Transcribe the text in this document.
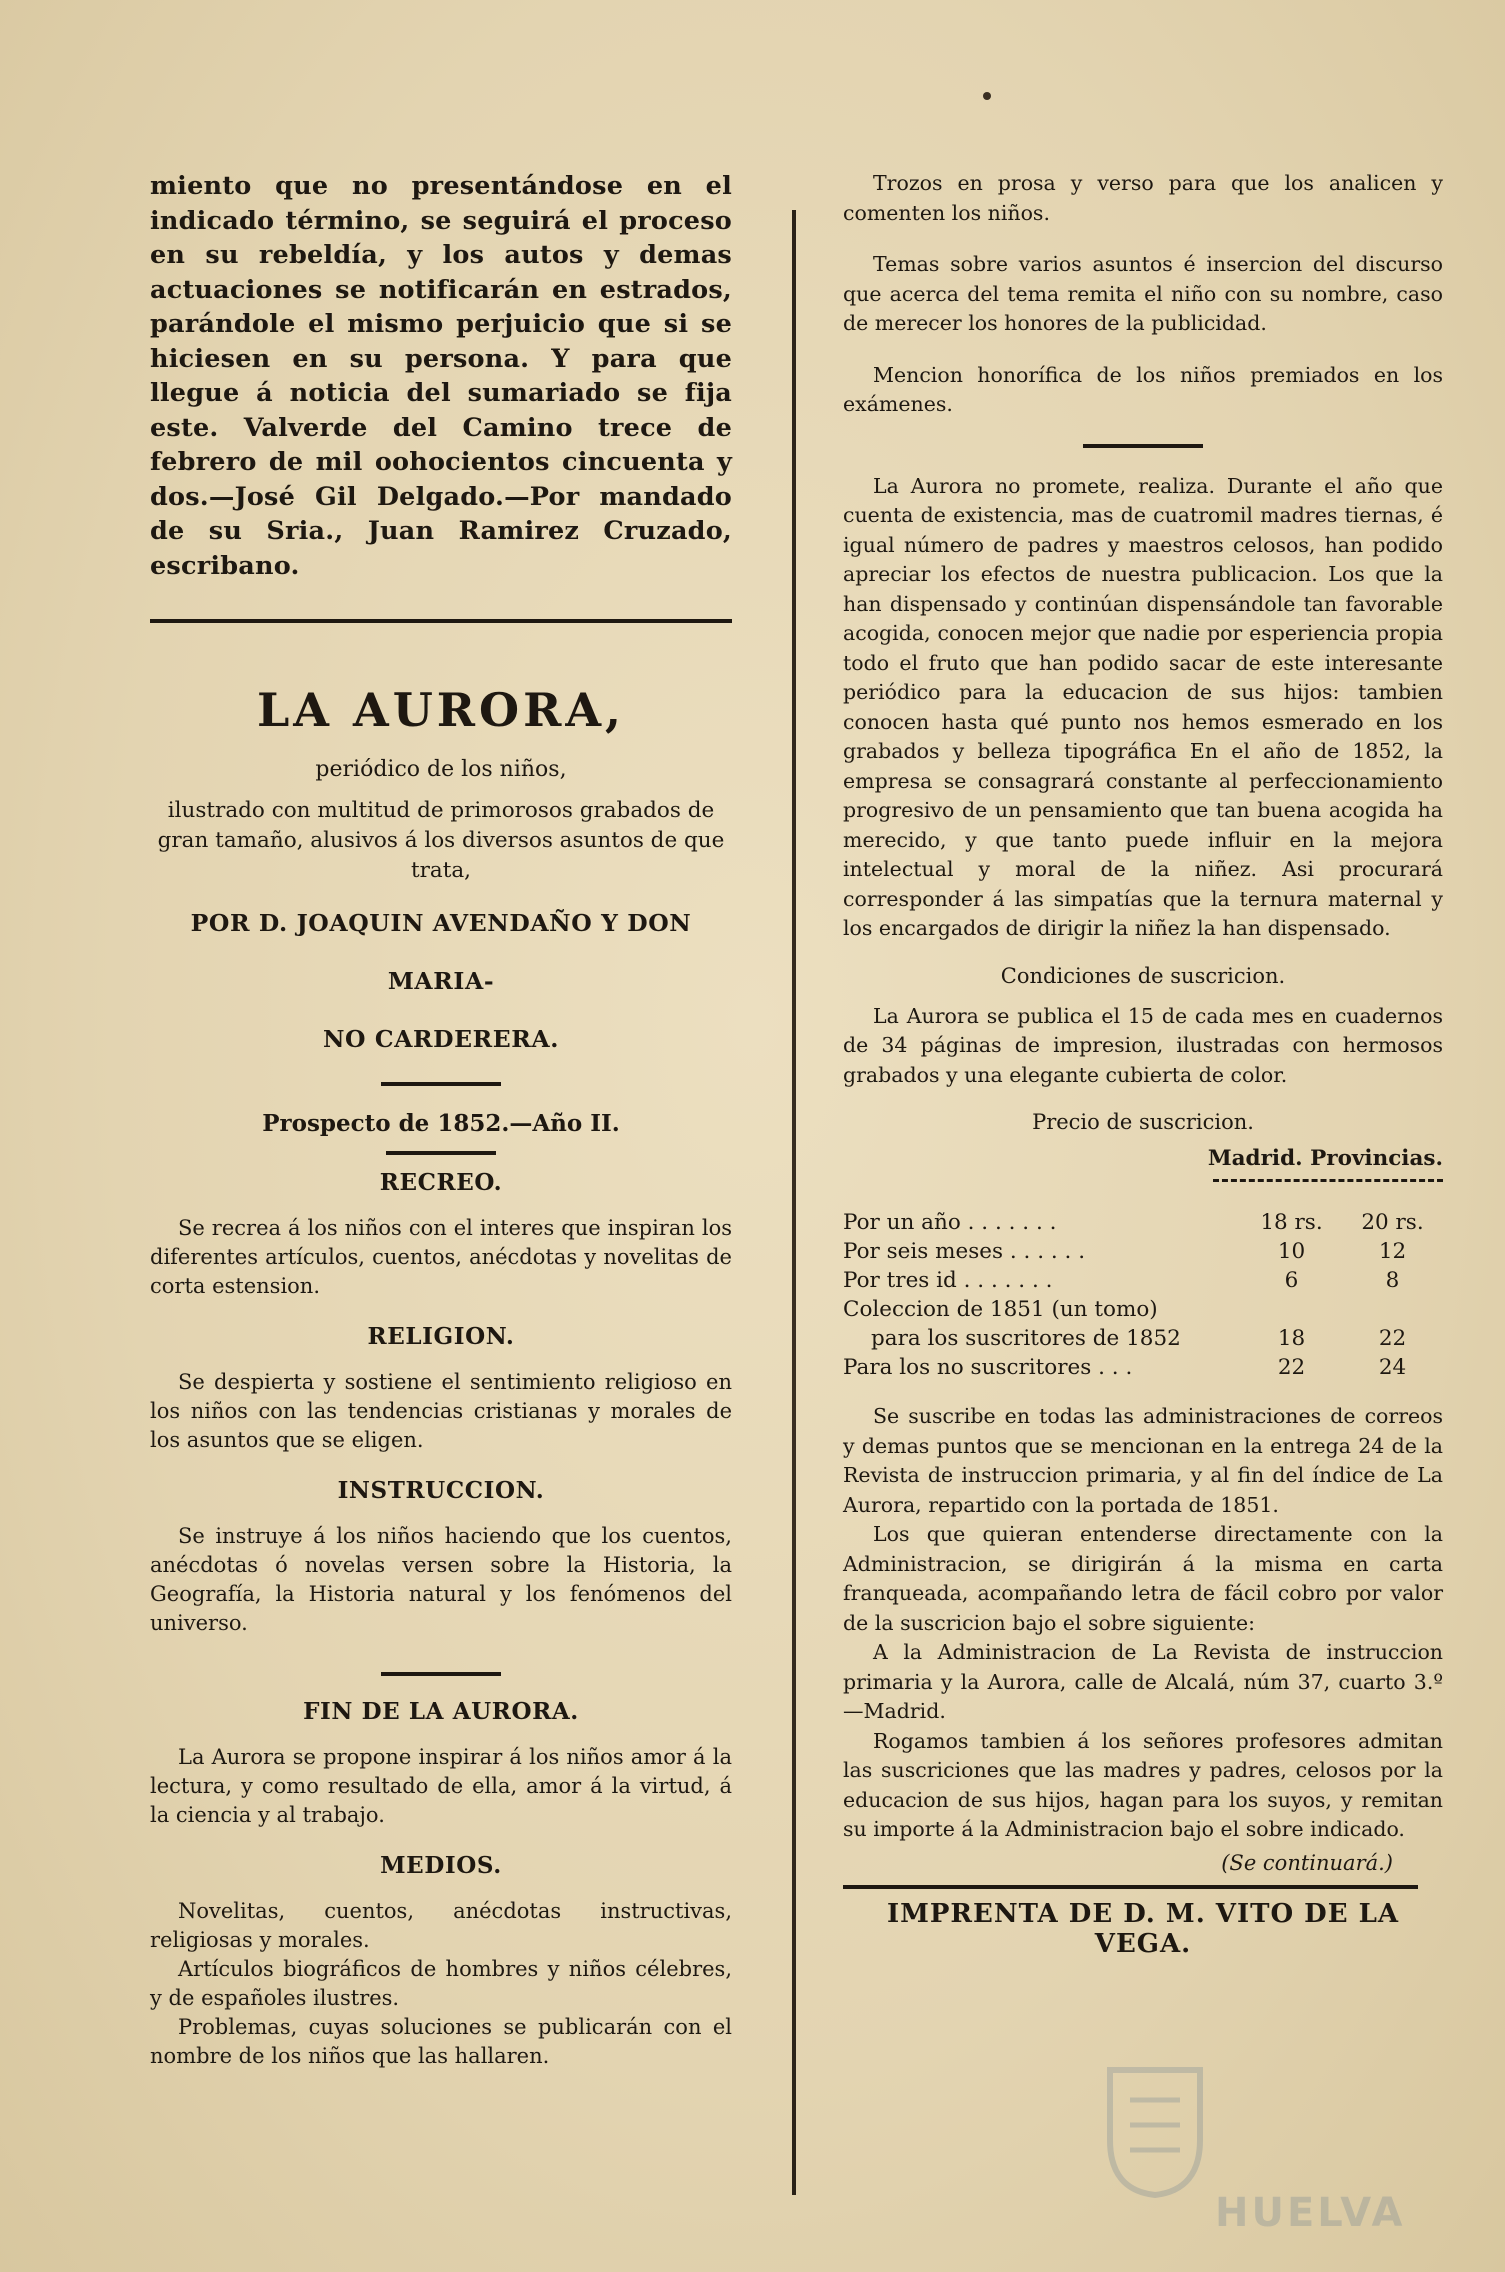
miento que no presentándose en el indicado término, se seguirá el proceso en su rebeldía, y los autos y demas actuaciones se notificarán en estrados, parándole el mismo perjuicio que si se hiciesen en su persona. Y para que llegue á noticia del sumariado se fija este. Valverde del Camino trece de febrero de mil oohocientos cincuenta y dos.—José Gil Delgado.—Por mandado de su Sria., Juan Ramirez Cruzado, escribano.

LA AURORA,
periódico de los niños,

ilustrado con multitud de primorosos grabados de gran tamaño, alusivos á los diversos asuntos de que trata,

POR D. JOAQUIN AVENDAÑO Y DON MARIA-
NO CARDERERA.
Prospecto de 1852.—Año II.
RECREO.

Se recrea á los niños con el interes que inspiran los diferentes artículos, cuentos, anécdotas y novelitas de corta estension.

RELIGION.

Se despierta y sostiene el sentimiento religioso en los niños con las tendencias cristianas y morales de los asuntos que se eligen.

INSTRUCCION.

Se instruye á los niños haciendo que los cuentos, anécdotas ó novelas versen sobre la Historia, la Geografía, la Historia natural y los fenómenos del universo.

FIN DE LA AURORA.

La Aurora se propone inspirar á los niños amor á la lectura, y como resultado de ella, amor á la virtud, á la ciencia y al trabajo.

MEDIOS.

Novelitas, cuentos, anécdotas instructivas, religiosas y morales.

Artículos biográficos de hombres y niños célebres, y de españoles ilustres.

Problemas, cuyas soluciones se publicarán con el nombre de los niños que las hallaren.

Trozos en prosa y verso para que los analicen y comenten los niños.

Temas sobre varios asuntos é insercion del discurso que acerca del tema remita el niño con su nombre, caso de merecer los honores de la publicidad.

Mencion honorífica de los niños premiados en los exámenes.

La Aurora no promete, realiza. Durante el año que cuenta de existencia, mas de cuatromil madres tiernas, é igual número de padres y maestros celosos, han podido apreciar los efectos de nuestra publicacion. Los que la han dispensado y continúan dispensándole tan favorable acogida, conocen mejor que nadie por esperiencia propia todo el fruto que han podido sacar de este interesante periódico para la educacion de sus hijos: tambien conocen hasta qué punto nos hemos esmerado en los grabados y belleza tipográfica En el año de 1852, la empresa se consagrará constante al perfeccionamiento progresivo de un pensamiento que tan buena acogida ha merecido, y que tanto puede influir en la mejora intelectual y moral de la niñez. Asi procurará corresponder á las simpatías que la ternura maternal y los encargados de dirigir la niñez la han dispensado.

Condiciones de suscricion.

La Aurora se publica el 15 de cada mes en cuadernos de 34 páginas de impresion, ilustradas con hermosos grabados y una elegante cubierta de color.

Precio de suscricion.
Madrid. Provincias.
Por un año . . . . . . .	18 rs.	20 rs.
Por seis meses . . . . . .	10	12
Por tres id . . . . . . .	6	8
Coleccion de 1851 (un tomo)		
para los suscritores de 1852	18	22
Para los no suscritores . . .	22	24

Se suscribe en todas las administraciones de correos y demas puntos que se mencionan en la entrega 24 de la Revista de instruccion primaria, y al fin del índice de La Aurora, repartido con la portada de 1851.

Los que quieran entenderse directamente con la Administracion, se dirigirán á la misma en carta franqueada, acompañando letra de fácil cobro por valor de la suscricion bajo el sobre siguiente:

A la Administracion de La Revista de instruccion primaria y la Aurora, calle de Alcalá, núm 37, cuarto 3.º—Madrid.

Rogamos tambien á los señores profesores admitan las suscriciones que las madres y padres, celosos por la educacion de sus hijos, hagan para los suyos, y remitan su importe á la Administracion bajo el sobre indicado.

(Se continuará.)
IMPRENTA DE D. M. VITO DE LA VEGA.
HUELVA
